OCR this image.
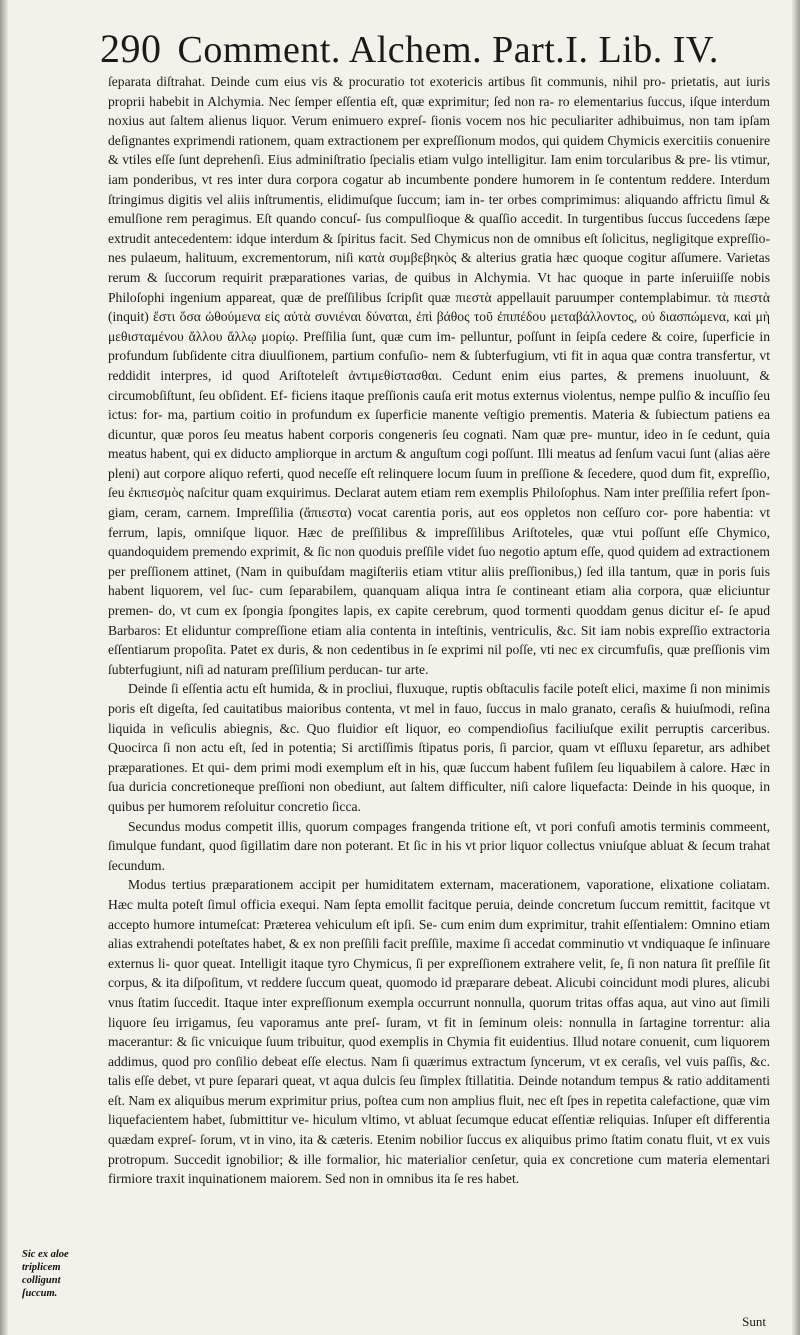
290 Comment. Alchem. Part.I. Lib. IV.

ſeparata diſtrahat. Deinde cum eius vis & procuratio tot exotericis artibus ſit communis, nihil pro- prietatis, aut iuris proprii habebit in Alchymia. Nec ſemper eſſentia eſt, quæ exprimitur; ſed non ra- ro elementarius ſuccus, iſque interdum noxius aut ſaltem alienus liquor. Verum enimuero expreſ- ſionis vocem nos hic peculiariter adhibuimus, non tam ipſam deſignantes exprimendi rationem, quam extractionem per expreſſionum modos, qui quidem Chymicis exercitiis conuenire & vtiles eſſe ſunt deprehenſi. Eius adminiſtratio ſpecialis etiam vulgo intelligitur. Iam enim torcularibus & pre- lis vtimur, iam ponderibus, vt res inter dura corpora cogatur ab incumbente pondere humorem in ſe contentum reddere. Interdum ſtringimus digitis vel aliis inſtrumentis, elidimuſque ſuccum; iam in- ter orbes comprimimus: aliquando affrictu ſimul & emulſione rem peragimus. Eſt quando concuſ- ſus compulſioque & quaſſio accedit. In turgentibus ſuccus ſuccedens ſæpe extrudit antecedentem: idque interdum & ſpiritus facit. Sed Chymicus non de omnibus eſt ſolicitus, negligitque expreſſio- nes pulaeum, halituum, excrementorum, niſi κατὰ συμβεβηκὸς & alterius gratia hæc quoque cogitur aſſumere. Varietas rerum & ſuccorum requirit præparationes varias, de quibus in Alchymia. Vt hac quoque in parte inſeruiiſſe nobis Philoſophi ingenium appareat, quæ de preſſilibus ſcripſit quæ πιεστὰ appellauit paruumper contemplabimur. τὰ πιεστὰ (inquit) ἔστι ὅσα ὠθούμενα εἰς αὐτὰ συνιέναι δύναται, ἐπὶ βάθος τοῦ ἐπιπέδου μεταβάλλοντος, οὐ διασπώμενα, καὶ μὴ μεθισταμένου ἄλλου ἄλλῳ μορίῳ. Preſſilia ſunt, quæ cum im- pelluntur, poſſunt in ſeipſa cedere & coire, ſuperficie in profundum ſubſidente citra diuulſionem, partium confuſio- nem & ſubterfugium, vti fit in aqua quæ contra transfertur, vt reddidit interpres, id quod Ariſtoteleſt ἀντιμεθίστασθαι. Cedunt enim eius partes, & premens inuoluunt, & circumobſiſtunt, ſeu obſident. Ef- ficiens itaque preſſionis cauſa erit motus externus violentus, nempe pulſio & incuſſio ſeu ictus: for- ma, partium coitio in profundum ex ſuperficie manente veſtigio prementis. Materia & ſubiectum patiens ea dicuntur, quæ poros ſeu meatus habent corporis congeneris ſeu cognati. Nam quæ pre- muntur, ideo in ſe cedunt, quia meatus habent, qui ex diducto ampliorque in arctum & anguſtum cogi poſſunt. Illi meatus ad ſenſum vacui ſunt (alias aëre pleni) aut corpore aliquo referti, quod neceſſe eſt relinquere locum ſuum in preſſione & ſecedere, quod dum fit, expreſſio, ſeu ἐκπιεσμὸς naſcitur quam exquirimus. Declarat autem etiam rem exemplis Philoſophus. Nam inter preſſilia refert ſpon- giam, ceram, carnem. Impreſſilia (ἄπιεστα) vocat carentia poris, aut eos oppletos non ceſſuro cor- pore habentia: vt ferrum, lapis, omniſque liquor. Hæc de preſſilibus & impreſſilibus Ariſtoteles, quæ vtui poſſunt eſſe Chymico, quandoquidem premendo exprimit, & ſic non quoduis preſſile videt ſuo negotio aptum eſſe, quod quidem ad extractionem per preſſionem attinet, (Nam in quibuſdam magiſteriis etiam vtitur aliis preſſionibus,) ſed illa tantum, quæ in poris ſuis habent liquorem, vel ſuc- cum ſeparabilem, quanquam aliqua intra ſe contineant etiam alia corpora, quæ eliciuntur premen- do, vt cum ex ſpongia ſpongites lapis, ex capite cerebrum, quod tormenti quoddam genus dicitur eſ- ſe apud Barbaros: Et eliduntur compreſſione etiam alia contenta in inteſtinis, ventriculis, &c. Sit iam nobis expreſſio extractoria eſſentiarum propoſita. Patet ex duris, & non cedentibus in ſe exprimi nil poſſe, vti nec ex circumfuſis, quæ preſſionis vim ſubterfugiunt, niſi ad naturam preſſilium perducan- tur arte.

Deinde ſi eſſentia actu eſt humida, & in procliui, fluxuque, ruptis obſtaculis facile poteſt elici, maxime ſi non minimis poris eſt digeſta, ſed cauitatibus maioribus contenta, vt mel in fauo, ſuccus in malo granato, ceraſis & huiuſmodi, reſina liquida in veſiculis abiegnis, &c. Quo fluidior eſt liquor, eo compendioſius faciliuſque exilit perruptis carceribus. Quocirca ſi non actu eſt, ſed in potentia; Si arctiſſimis ſtipatus poris, ſi parcior, quam vt eſſluxu ſeparetur, ars adhibet præparationes. Et qui- dem primi modi exemplum eſt in his, quæ ſuccum habent fuſilem ſeu liquabilem à calore. Hæc in ſua duricia concretioneque preſſioni non obediunt, aut ſaltem difficulter, niſi calore liquefacta: Deinde in his quoque, in quibus per humorem reſoluitur concretio ſicca.

Secundus modus competit illis, quorum compages frangenda tritione eſt, vt pori confuſi amotis terminis commeent, ſimulque fundant, quod ſigillatim dare non poterant. Et ſic in his vt prior liquor collectus vniuſque abluat & ſecum trahat ſecundum.

Modus tertius præparationem accipit per humiditatem externam, macerationem, vaporatione, elixatione coliatam. Hæc multa poteſt ſimul officia exequi. Nam ſepta emollit facitque peruia, deinde concretum ſuccum remittit, facitque vt accepto humore intumeſcat: Præterea vehiculum eſt ipſi. Se- cum enim dum exprimitur, trahit eſſentialem: Omnino etiam alias extrahendi poteſtates habet, & ex non preſſili facit preſſile, maxime ſi accedat comminutio vt vndiquaque ſe inſinuare externus li- quor queat. Intelligit itaque tyro Chymicus, ſi per expreſſionem extrahere velit, ſe, ſi non natura ſit preſſile ſit corpus, & ita diſpoſitum, vt reddere ſuccum queat, quomodo id præparare debeat. Alicubi coincidunt modi plures, alicubi vnus ſtatim ſuccedit. Itaque inter expreſſionum exempla occurrunt nonnulla, quorum tritas offas aqua, aut vino aut ſimili liquore ſeu irrigamus, ſeu vaporamus ante preſ- ſuram, vt fit in ſeminum oleis: nonnulla in ſartagine torrentur: alia macerantur: & ſic vnicuique ſuum tribuitur, quod exemplis in Chymia fit euidentius. Illud notare conuenit, cum liquorem addimus, quod pro conſilio debeat eſſe electus. Nam ſi quærimus extractum ſyncerum, vt ex ceraſis, vel vuis paſſis, &c. talis eſſe debet, vt pure ſeparari queat, vt aqua dulcis ſeu ſimplex ſtillatitia. Deinde notandum tempus & ratio additamenti eſt. Nam ex aliquibus merum exprimitur prius, poſtea cum non amplius fluit, nec eſt ſpes in repetita calefactione, quæ vim liquefacientem habet, ſubmittitur ve- hiculum vltimo, vt abluat ſecumque educat eſſentiæ reliquias. Inſuper eſt differentia quædam expreſ- ſorum, vt in vino, ita & cæteris. Etenim nobilior ſuccus ex aliquibus primo ſtatim conatu fluit, vt ex vuis protropum. Succedit ignobilior; & ille formalior, hic materialior cenſetur, quia ex concretione cum materia elementari firmiore traxit inquinationem maiorem. Sed non in omnibus ita ſe res habet.

Sic ex aloe triplicem colligunt ſuccum.
Sunt
